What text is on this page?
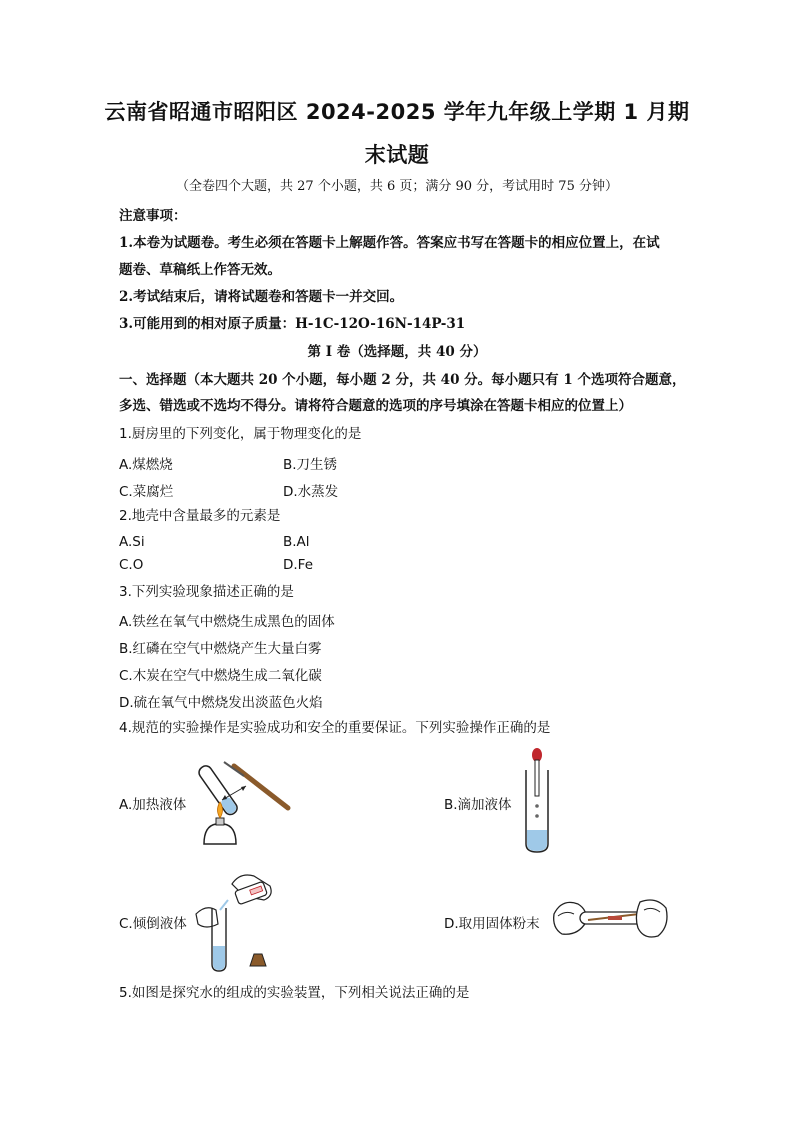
云南省昭通市昭阳区 2024-2025 学年九年级上学期 1 月期
末试题
（全卷四个大题，共 27 个小题，共 6 页；满分 90 分，考试用时 75 分钟）
注意事项：
1.本卷为试题卷。考生必须在答题卡上解题作答。答案应书写在答题卡的相应位置上，在试
题卷、草稿纸上作答无效。
2.考试结束后，请将试题卷和答题卡一并交回。
3.可能用到的相对原子质量：H-1C-12O-16N-14P-31
第 I 卷（选择题，共 40 分）
一、选择题（本大题共 20 个小题，每小题 2 分，共 40 分。每小题只有 1 个选项符合题意，
多选、错选或不选均不得分。请将符合题意的选项的序号填涂在答题卡相应的位置上）
1.厨房里的下列变化，属于物理变化的是
A.煤燃烧	B.刀生锈
C.菜腐烂	D.水蒸发
2.地壳中含量最多的元素是
A.Si	B.Al
C.O	D.Fe
3.下列实验现象描述正确的是
A.铁丝在氧气中燃烧生成黑色的固体
B.红磷在空气中燃烧产生大量白雾
C.木炭在空气中燃烧生成二氧化碳
D.硫在氧气中燃烧发出淡蓝色火焰
4.规范的实验操作是实验成功和安全的重要保证。下列实验操作正确的是
A.加热液体	B.滴加液体
C.倾倒液体	D.取用固体粉末
5.如图是探究水的组成的实验装置，下列相关说法正确的是
